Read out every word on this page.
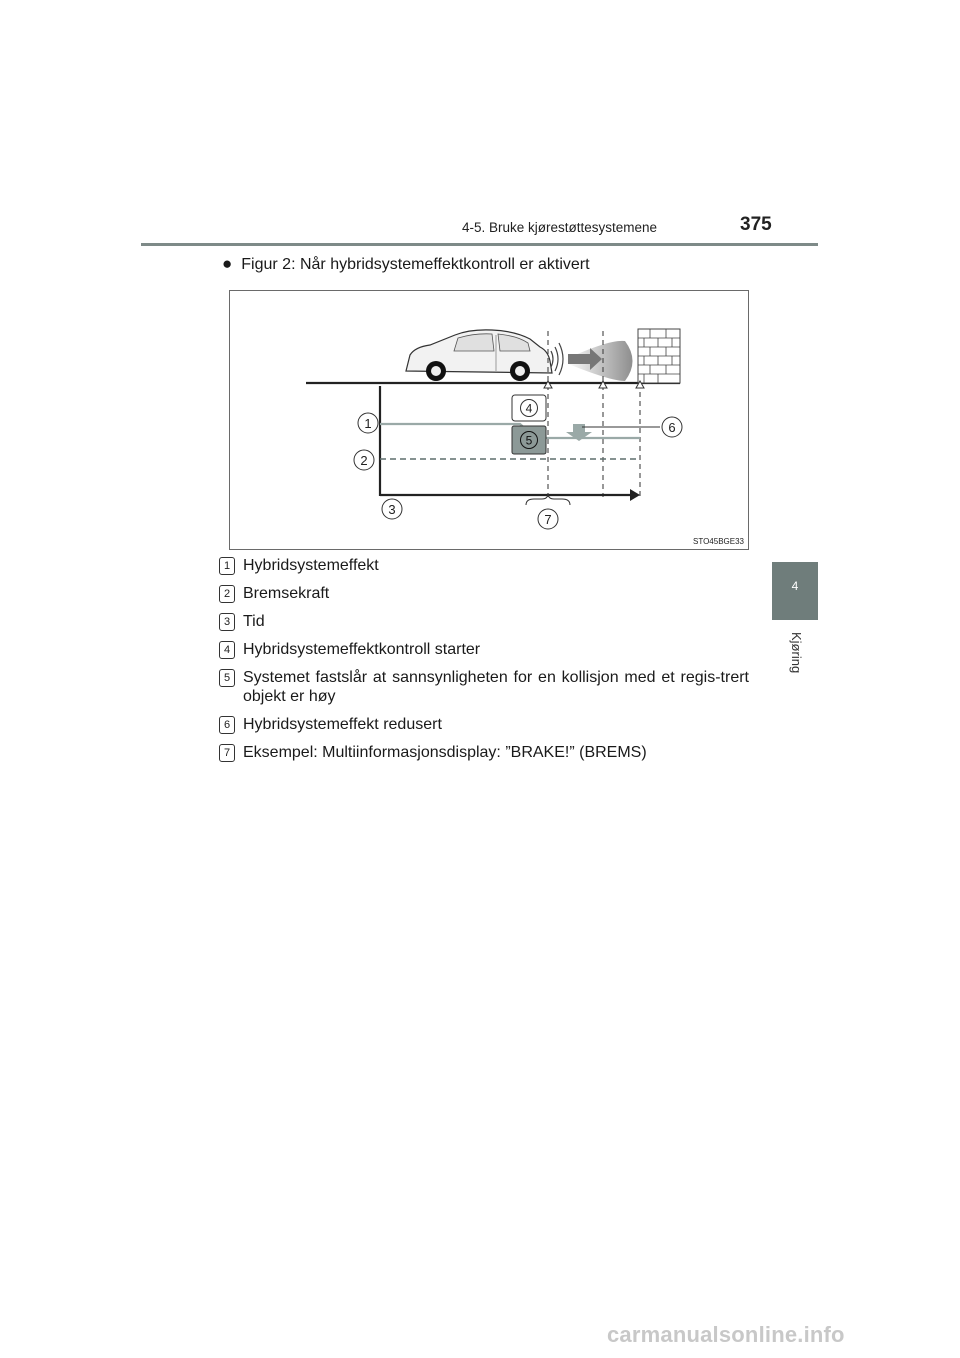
4-5. Bruke kjørestøttesystemene	375
4
Kjøring
● Figur 2: Når hybridsystemeffektkontroll er aktivert
4
5
1
2
3
6
7
STO45BGE33
1 Hybridsystemeffekt
2 Bremsekraft
3 Tid
4 Hybridsystemeffektkontroll starter
5 Systemet fastslår at sannsynligheten for en kollisjon med et regis-trert objekt er høy
6 Hybridsystemeffekt redusert
7 Eksempel: Multiinformasjonsdisplay: ”BRAKE!” (BREMS)
carmanualsonline.info
